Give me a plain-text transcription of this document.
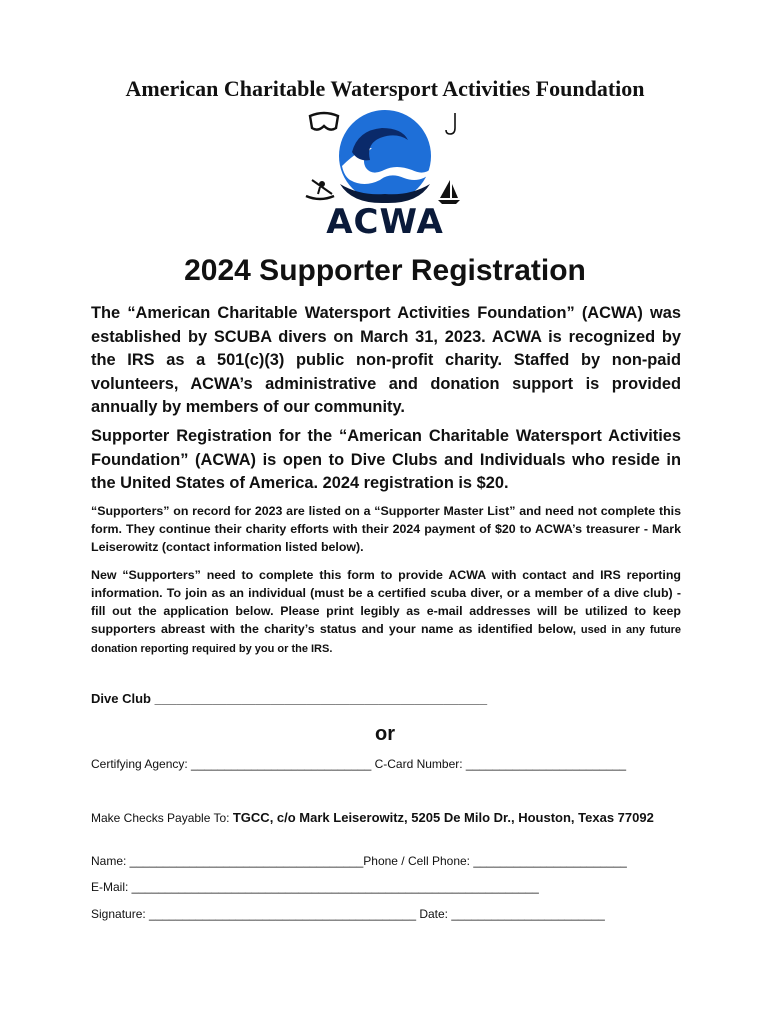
American Charitable Watersport Activities Foundation
ACWA
2024 Supporter Registration

The “American Charitable Watersport Activities Foundation” (ACWA) was established by SCUBA divers on March 31, 2023. ACWA is recognized by the IRS as a 501(c)(3) public non-profit charity. Staffed by non-paid volunteers, ACWA’s administrative and donation support is provided annually by members of our community.

Supporter Registration for the “American Charitable Watersport Activities Foundation” (ACWA) is open to Dive Clubs and Individuals who reside in the United States of America. 2024 registration is $20.

“Supporters” on record for 2023 are listed on a “Supporter Master List” and need not complete this form. They continue their charity efforts with their 2024 payment of $20 to ACWA’s treasurer - Mark Leiserowitz (contact information listed below).

New “Supporters” need to complete this form to provide ACWA with contact and IRS reporting information. To join as an individual (must be a certified scuba diver, or a member of a dive club) - fill out the application below. Please print legibly as e-mail addresses will be utilized to keep supporters abreast with the charity’s status and your name as identified below, used in any future donation reporting required by you or the IRS.

Dive Club ______________________________________________
or
Certifying Agency: ___________________________ C-Card Number: ________________________
Make Checks Payable To: TGCC, c/o Mark Leiserowitz, 5205 De Milo Dr., Houston, Texas 77092
Name: ___________________________________Phone / Cell Phone: _______________________
E-Mail: _____________________________________________________________
Signature: ________________________________________ Date: _______________________
